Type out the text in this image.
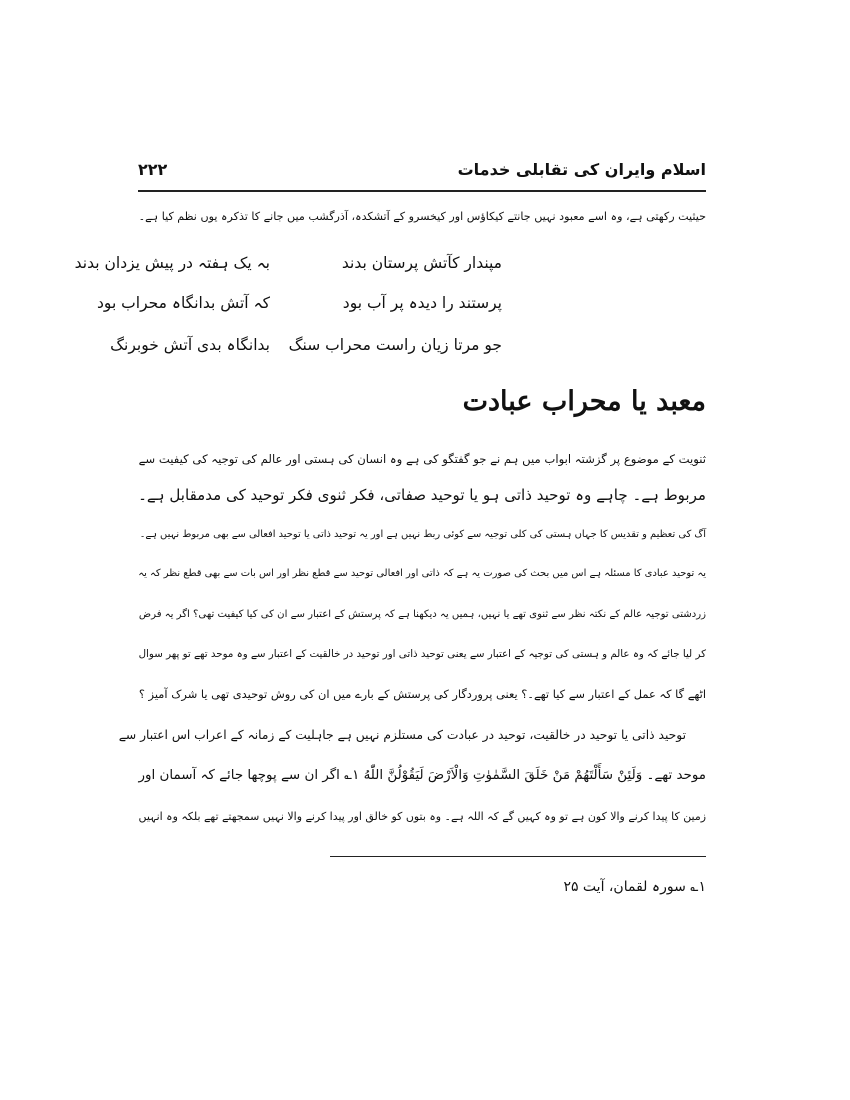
اسلام وایران کی تقابلی خدمات
۲۲۲
حیثیت رکھتی ہے، وہ اسے معبود نہیں جانتے کیکاؤس اور کیخسرو کے آتشکدہ، آذرگشب میں جانے کا تذکرہ یوں نظم کیا ہے۔
مپندار کآتش پرستان بدند
بہ یک ہفتہ در پیش یزدان بدند
پرستند را دیدہ پر آب بود
کہ آتش بدانگاہ محراب بود
جو مرتا زیان راست محراب سنگ
بدانگاہ بدی آتش خوبرنگ
معبد یا محراب عبادت
ثنویت کے موضوع پر گزشتہ ابواب میں ہم نے جو گفتگو کی ہے وہ انسان کی ہستی اور عالم کی توجیہ کی کیفیت سے
مربوط ہے۔ چاہے وہ توحید ذاتی ہو یا توحید صفاتی، فکر ثنوی فکر توحید کی مدمقابل ہے۔
آگ کی تعظیم و تقدیس کا جہاں ہستی کی کلی توجیہ سے کوئی ربط نہیں ہے اور یہ توحید ذاتی یا توحید افعالی سے بھی مربوط نہیں ہے۔
یہ توحید عبادی کا مسئلہ ہے اس میں بحث کی صورت یہ ہے کہ ذاتی اور افعالی توحید سے قطع نظر اور اس بات سے بھی قطع نظر کہ یہ
زردشتی توجیہ عالم کے نکتہ نظر سے ثنوی تھے یا نہیں، ہمیں یہ دیکھنا ہے کہ پرستش کے اعتبار سے ان کی کیا کیفیت تھی؟ اگر یہ فرض
کر لیا جائے کہ وہ عالم و ہستی کی توجیہ کے اعتبار سے یعنی توحید ذاتی اور توحید در خالقیت کے اعتبار سے وہ موحد تھے تو پھر سوال
اٹھے گا کہ عمل کے اعتبار سے کیا تھے۔؟ یعنی پروردگار کی پرستش کے بارے میں ان کی روش توحیدی تھی یا شرک آمیز ؟
توحید ذاتی یا توحید در خالقیت، توحید در عبادت کی مستلزم نہیں ہے جاہلیت کے زمانہ کے اعراب اس اعتبار سے
موحد تھے۔ وَلَئِنْ سَأَلْتَهُمْ مَنْ خَلَقَ السَّمٰوٰتِ وَالْاَرْضَ لَيَقُوْلُنَّ اللّٰهُ ۱؎ اگر ان سے پوچھا جائے کہ آسمان اور
زمین کا پیدا کرنے والا کون ہے تو وہ کہیں گے کہ اللہ ہے۔ وہ بتوں کو خالق اور پیدا کرنے والا نہیں سمجھتے تھے بلکہ وہ انہیں
۱؎ سورہ لقمان، آیت ۲۵
